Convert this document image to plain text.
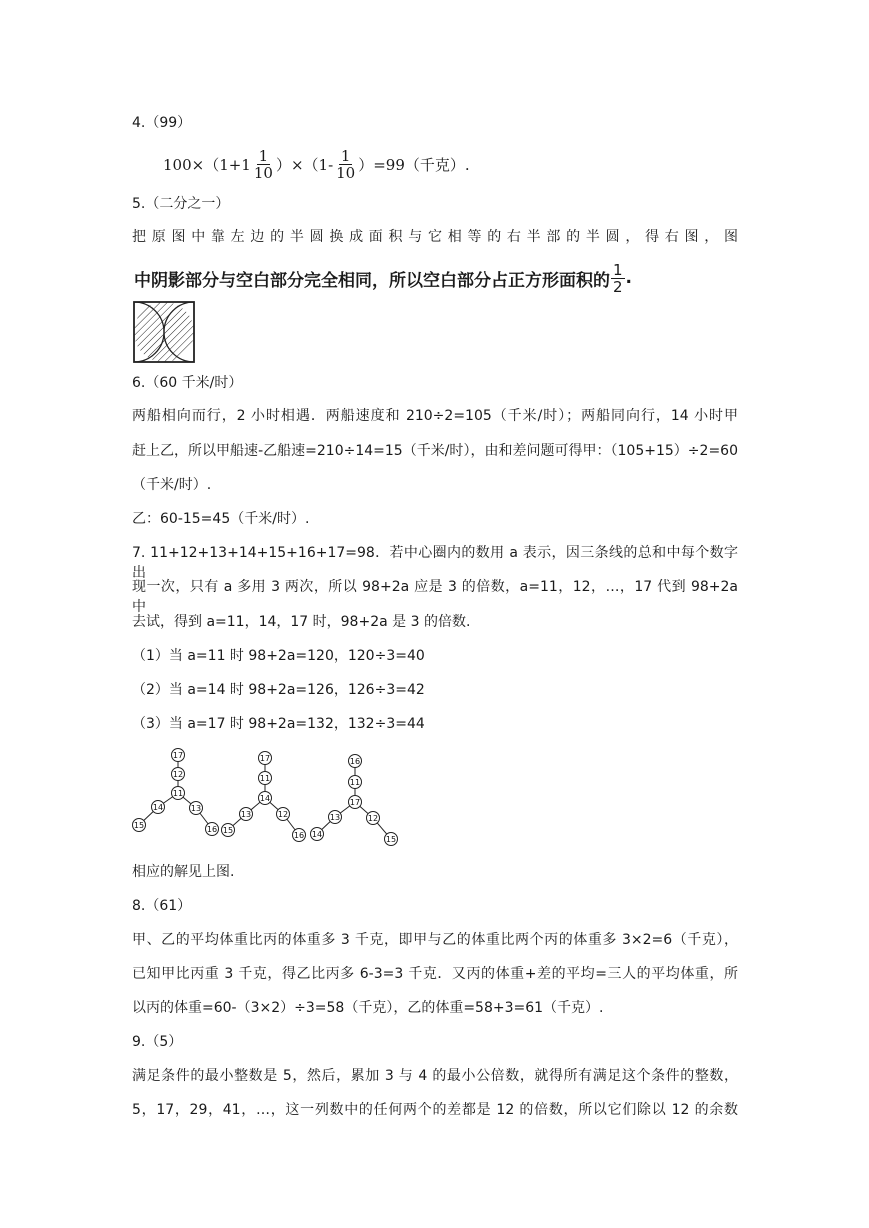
4.（99）
$100\times(1+1 \frac{1}{10} )\times(1- \frac{1}{10} )=99$（千克）.
5.（二分之一）
把原图中靠左边的半圆换成面积与它相等的右半部的半圆，得右图，图
中阴影部分与空白部分完全相同，所以空白部分占正方形面积的 $\frac{1}{2}$ .
6.（60 千米/时）
两船相向而行，2 小时相遇．两船速度和 210÷2=105（千米/时）；两船同向行，14 小时甲
赶上乙，所以甲船速-乙船速=210÷14=15（千米/时），由和差问题可得甲：（105+15）÷2=60
（千米/时）.
乙：60-15=45（千米/时）.
7. 11+12+13+14+15+16+17=98．若中心圈内的数用 a 表示，因三条线的总和中每个数字出
现一次，只有 a 多用 3 两次，所以 98+2a 应是 3 的倍数，a=11，12，…，17 代到 98+2a 中
去试，得到 a=11，14，17 时，98+2a 是 3 的倍数.
（1）当 a=11 时 98+2a=120，120÷3=40
（2）当 a=14 时 98+2a=126，126÷3=42
（3）当 a=17 时 98+2a=132，132÷3=44
17
12
11
14
15
13
16
17
11
14
13
15
12
16
16
11
17
13
14
12
15
相应的解见上图.
8.（61）
甲、乙的平均体重比丙的体重多 3 千克，即甲与乙的体重比两个丙的体重多 3×2=6（千克），
已知甲比丙重 3 千克，得乙比丙多 6-3=3 千克．又丙的体重+差的平均=三人的平均体重，所
以丙的体重=60-（3×2）÷3=58（千克），乙的体重=58+3=61（千克）.
9.（5）
满足条件的最小整数是 5，然后，累加 3 与 4 的最小公倍数，就得所有满足这个条件的整数，
5，17，29，41，…，这一列数中的任何两个的差都是 12 的倍数，所以它们除以 12 的余数
